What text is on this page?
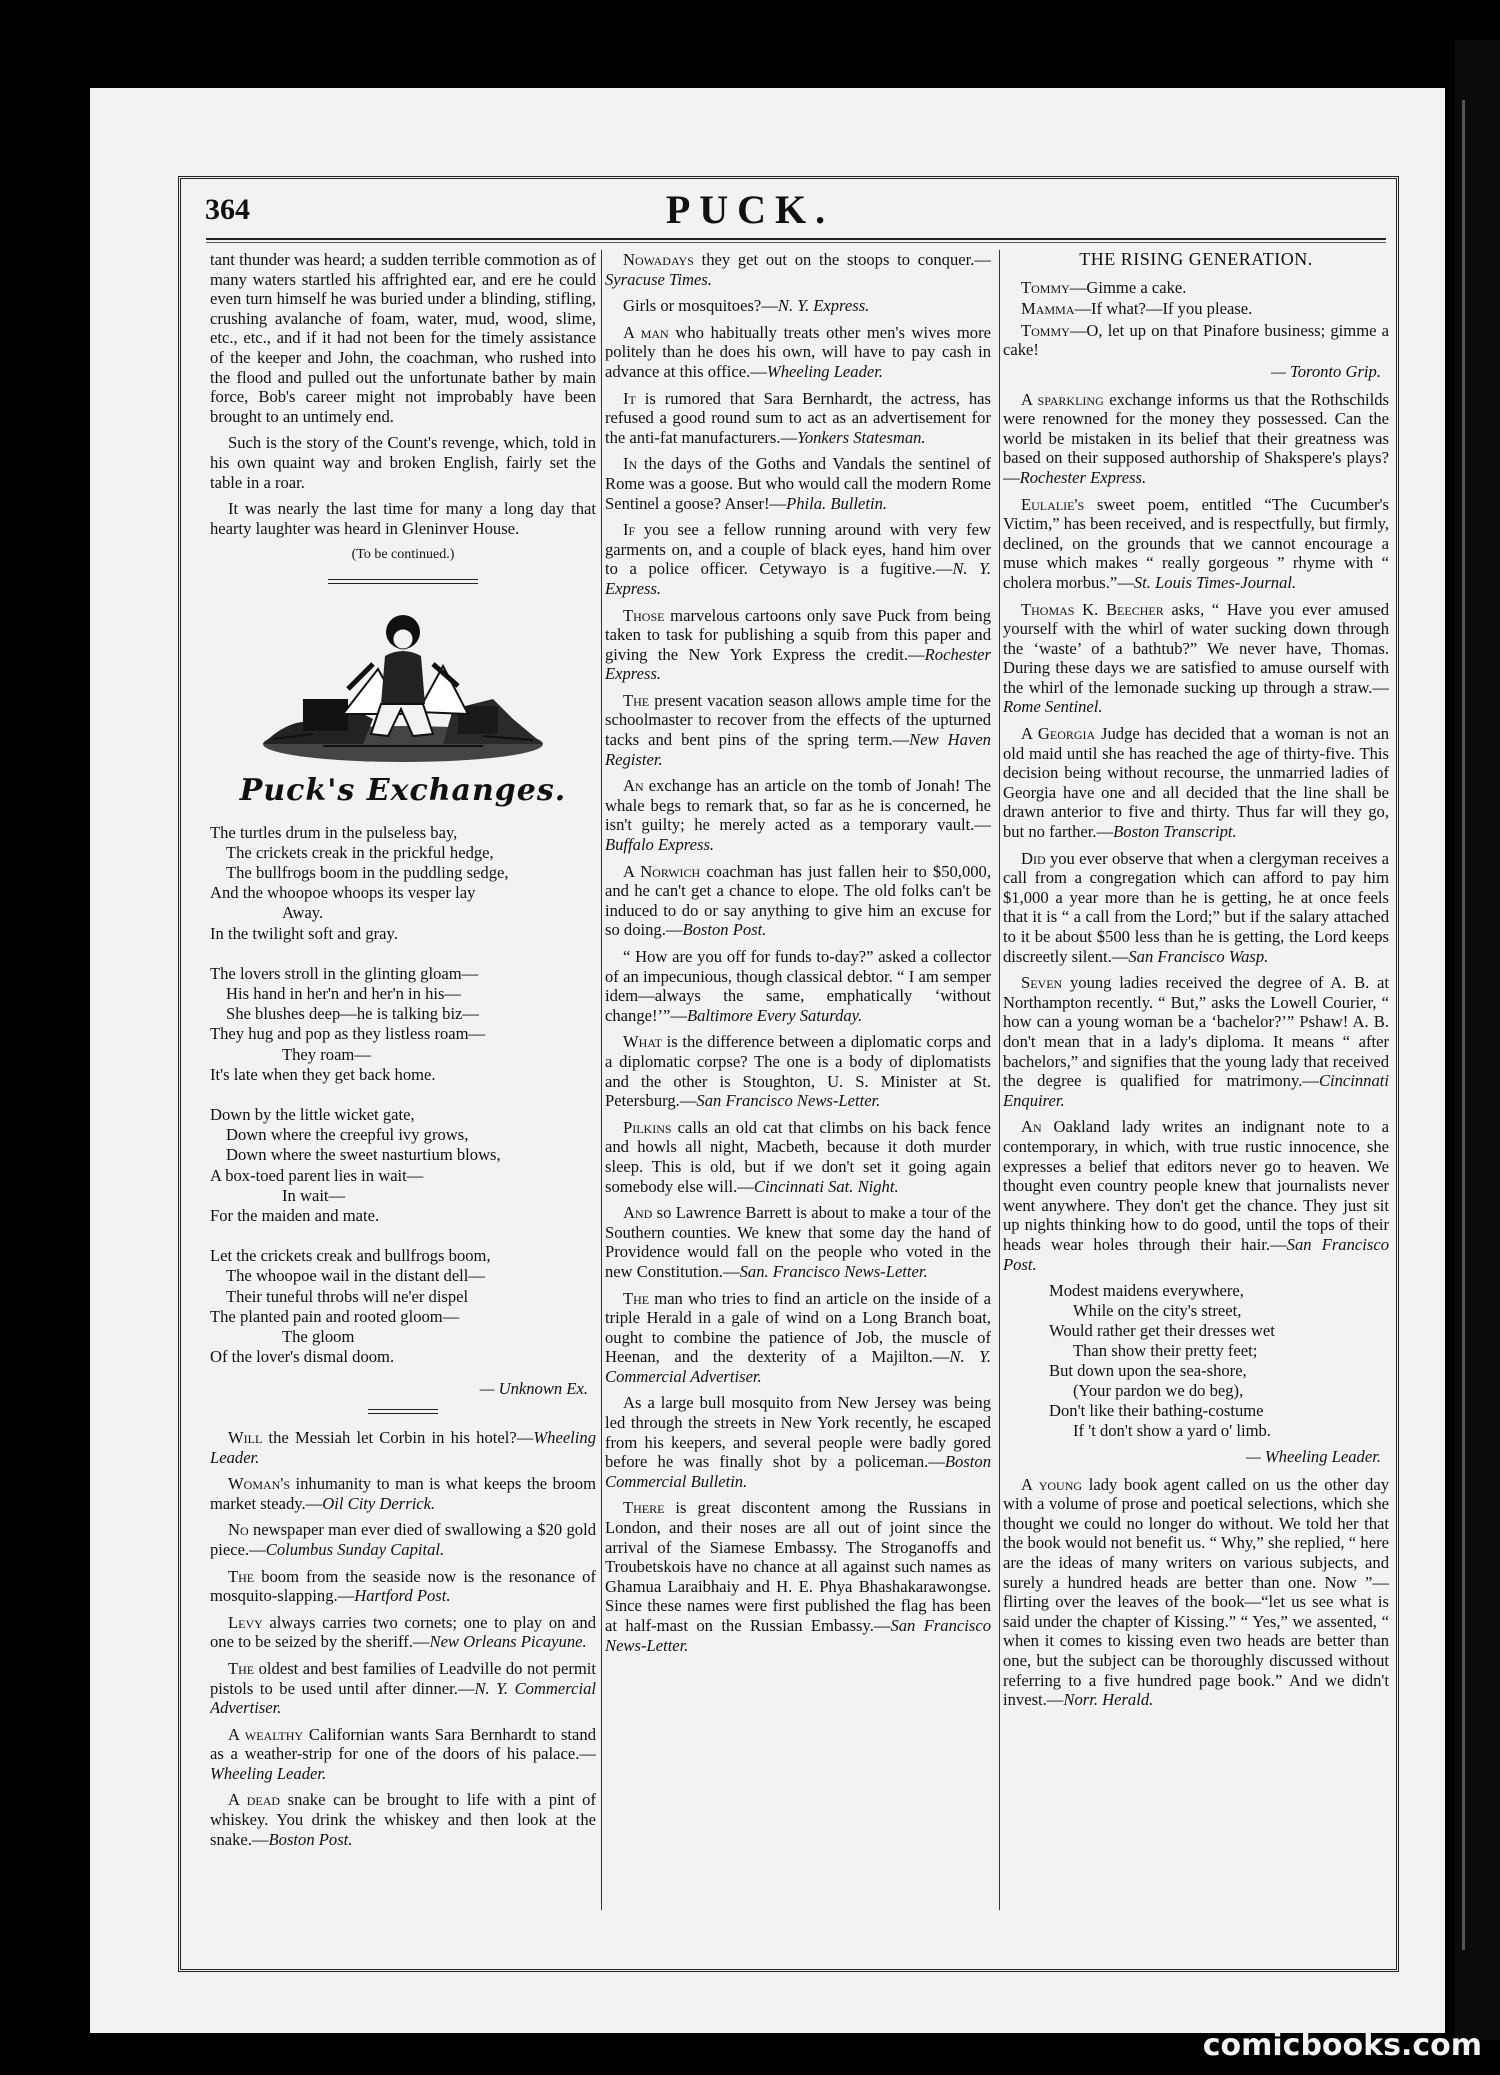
364	PUCK.

tant thunder was heard; a sudden terrible commotion as of many waters startled his affrighted ear, and ere he could even turn himself he was buried under a blinding, stifling, crushing avalanche of foam, water, mud, wood, slime, etc., etc., and if it had not been for the timely assistance of the keeper and John, the coachman, who rushed into the flood and pulled out the unfortunate bather by main force, Bob's career might not improbably have been brought to an untimely end.

Such is the story of the Count's revenge, which, told in his own quaint way and broken English, fairly set the table in a roar.

It was nearly the last time for many a long day that hearty laughter was heard in Gleninver House.

(To be continued.)
Puck's Exchanges.
The turtles drum in the pulseless bay,
The crickets creak in the prickful hedge,
The bullfrogs boom in the puddling sedge,
And the whoopoe whoops its vesper lay
Away.
In the twilight soft and gray.
The lovers stroll in the glinting gloam—
His hand in her'n and her'n in his—
She blushes deep—he is talking biz—
They hug and pop as they listless roam—
They roam—
It's late when they get back home.
Down by the little wicket gate,
Down where the creepful ivy grows,
Down where the sweet nasturtium blows,
A box-toed parent lies in wait—
In wait—
For the maiden and mate.
Let the crickets creak and bullfrogs boom,
The whoopoe wail in the distant dell—
Their tuneful throbs will ne'er dispel
The planted pain and rooted gloom—
The gloom
Of the lover's dismal doom.
— Unknown Ex.

Will the Messiah let Corbin in his hotel?—Wheeling Leader.

Woman's inhumanity to man is what keeps the broom market steady.—Oil City Derrick.

No newspaper man ever died of swallowing a $20 gold piece.—Columbus Sunday Capital.

The boom from the seaside now is the resonance of mosquito-slapping.—Hartford Post.

Levy always carries two cornets; one to play on and one to be seized by the sheriff.—New Orleans Picayune.

The oldest and best families of Leadville do not permit pistols to be used until after dinner.—N. Y. Commercial Advertiser.

A wealthy Californian wants Sara Bernhardt to stand as a weather-strip for one of the doors of his palace.—Wheeling Leader.

A dead snake can be brought to life with a pint of whiskey. You drink the whiskey and then look at the snake.—Boston Post.

Nowadays they get out on the stoops to conquer.—Syracuse Times.

Girls or mosquitoes?—N. Y. Express.

A man who habitually treats other men's wives more politely than he does his own, will have to pay cash in advance at this office.—Wheeling Leader.

It is rumored that Sara Bernhardt, the actress, has refused a good round sum to act as an advertisement for the anti-fat manufacturers.—Yonkers Statesman.

In the days of the Goths and Vandals the sentinel of Rome was a goose. But who would call the modern Rome Sentinel a goose? Anser!—Phila. Bulletin.

If you see a fellow running around with very few garments on, and a couple of black eyes, hand him over to a police officer. Cetywayo is a fugitive.—N. Y. Express.

Those marvelous cartoons only save Puck from being taken to task for publishing a squib from this paper and giving the New York Express the credit.—Rochester Express.

The present vacation season allows ample time for the schoolmaster to recover from the effects of the upturned tacks and bent pins of the spring term.—New Haven Register.

An exchange has an article on the tomb of Jonah! The whale begs to remark that, so far as he is concerned, he isn't guilty; he merely acted as a temporary vault.—Buffalo Express.

A Norwich coachman has just fallen heir to $50,000, and he can't get a chance to elope. The old folks can't be induced to do or say anything to give him an excuse for so doing.—Boston Post.

“ How are you off for funds to-day?” asked a collector of an impecunious, though classical debtor. “ I am semper idem—always the same, emphatically ‘without change!’”—Baltimore Every Saturday.

What is the difference between a diplomatic corps and a diplomatic corpse? The one is a body of diplomatists and the other is Stoughton, U. S. Minister at St. Petersburg.—San Francisco News-Letter.

Pilkins calls an old cat that climbs on his back fence and howls all night, Macbeth, because it doth murder sleep. This is old, but if we don't set it going again somebody else will.—Cincinnati Sat. Night.

And so Lawrence Barrett is about to make a tour of the Southern counties. We knew that some day the hand of Providence would fall on the people who voted in the new Constitution.—San. Francisco News-Letter.

The man who tries to find an article on the inside of a triple Herald in a gale of wind on a Long Branch boat, ought to combine the patience of Job, the muscle of Heenan, and the dexterity of a Majilton.—N. Y. Commercial Advertiser.

As a large bull mosquito from New Jersey was being led through the streets in New York recently, he escaped from his keepers, and several people were badly gored before he was finally shot by a policeman.—Boston Commercial Bulletin.

There is great discontent among the Russians in London, and their noses are all out of joint since the arrival of the Siamese Embassy. The Stroganoffs and Troubetskois have no chance at all against such names as Ghamua Laraibhaiy and H. E. Phya Bhashakarawongse. Since these names were first published the flag has been at half-mast on the Russian Embassy.—San Francisco News-Letter.

THE RISING GENERATION.

Tommy—Gimme a cake.

Mamma—If what?—If you please.

Tommy—O, let up on that Pinafore business; gimme a cake!

— Toronto Grip.

A sparkling exchange informs us that the Rothschilds were renowned for the money they possessed. Can the world be mistaken in its belief that their greatness was based on their supposed authorship of Shakspere's plays?—Rochester Express.

Eulalie's sweet poem, entitled “The Cucumber's Victim,” has been received, and is respectfully, but firmly, declined, on the grounds that we cannot encourage a muse which makes “ really gorgeous ” rhyme with “ cholera morbus.”—St. Louis Times-Journal.

Thomas K. Beecher asks, “ Have you ever amused yourself with the whirl of water sucking down through the ‘waste’ of a bathtub?” We never have, Thomas. During these days we are satisfied to amuse ourself with the whirl of the lemonade sucking up through a straw.—Rome Sentinel.

A Georgia Judge has decided that a woman is not an old maid until she has reached the age of thirty-five. This decision being without recourse, the unmarried ladies of Georgia have one and all decided that the line shall be drawn anterior to five and thirty. Thus far will they go, but no farther.—Boston Transcript.

Did you ever observe that when a clergyman receives a call from a congregation which can afford to pay him $1,000 a year more than he is getting, he at once feels that it is “ a call from the Lord;” but if the salary attached to it be about $500 less than he is getting, the Lord keeps discreetly silent.—San Francisco Wasp.

Seven young ladies received the degree of A. B. at Northampton recently. “ But,” asks the Lowell Courier, “ how can a young woman be a ‘bachelor?’” Pshaw! A. B. don't mean that in a lady's diploma. It means “ after bachelors,” and signifies that the young lady that received the degree is qualified for matrimony.—Cincinnati Enquirer.

An Oakland lady writes an indignant note to a contemporary, in which, with true rustic innocence, she expresses a belief that editors never go to heaven. We thought even country people knew that journalists never went anywhere. They don't get the chance. They just sit up nights thinking how to do good, until the tops of their heads wear holes through their hair.—San Francisco Post.

Modest maidens everywhere,
While on the city's street,
Would rather get their dresses wet
Than show their pretty feet;
But down upon the sea-shore,
(Your pardon we do beg),
Don't like their bathing-costume
If 't don't show a yard o' limb.
— Wheeling Leader.

A young lady book agent called on us the other day with a volume of prose and poetical selections, which she thought we could no longer do without. We told her that the book would not benefit us. “ Why,” she replied, “ here are the ideas of many writers on various subjects, and surely a hundred heads are better than one. Now ”—flirting over the leaves of the book—“let us see what is said under the chapter of Kissing.” “ Yes,” we assented, “ when it comes to kissing even two heads are better than one, but the subject can be thoroughly discussed without referring to a five hundred page book.” And we didn't invest.—Norr. Herald.

comicbooks.com
